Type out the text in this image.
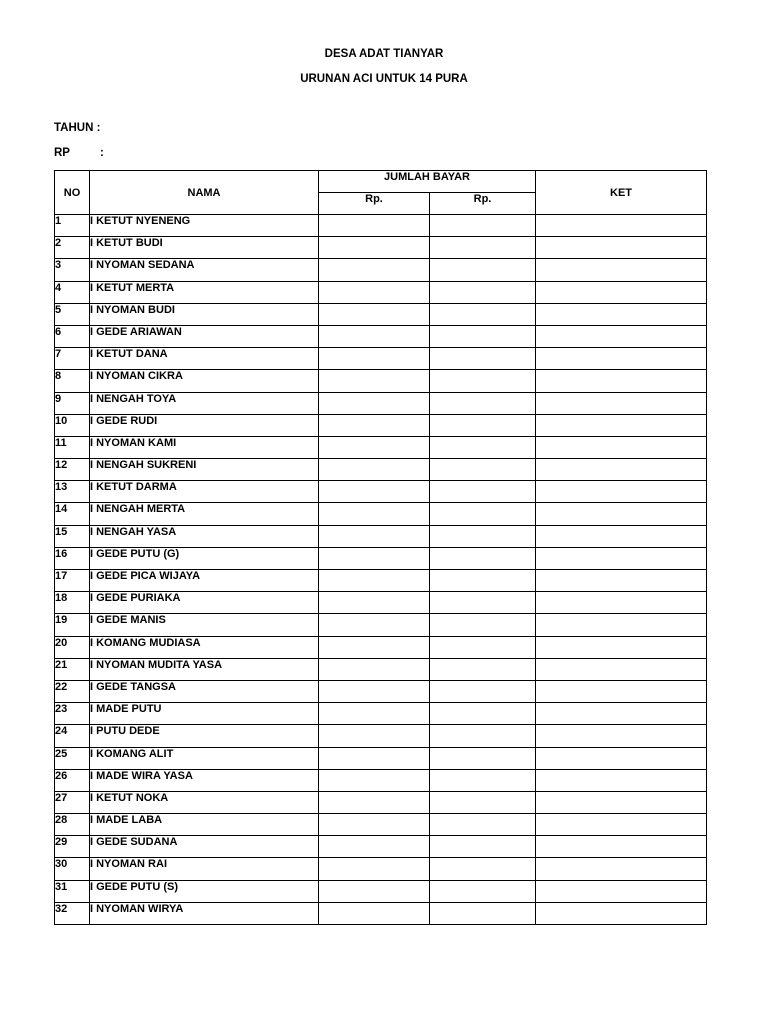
DESA ADAT TIANYAR
URUNAN ACI UNTUK 14 PURA
TAHUN :
RP	:
NO	NAMA	JUMLAH BAYAR		KET
		Rp.	Rp.	
1	I KETUT NYENENG			
2	I KETUT BUDI			
3	I NYOMAN SEDANA			
4	I KETUT MERTA			
5	I NYOMAN BUDI			
6	I GEDE ARIAWAN			
7	I KETUT DANA			
8	I NYOMAN CIKRA			
9	I NENGAH TOYA			
10	I GEDE RUDI			
11	I NYOMAN KAMI			
12	I NENGAH SUKRENI			
13	I KETUT DARMA			
14	I NENGAH MERTA			
15	I NENGAH YASA			
16	I GEDE PUTU (G)			
17	I GEDE PICA WIJAYA			
18	I GEDE PURIAKA			
19	I GEDE MANIS			
20	I KOMANG MUDIASA			
21	I NYOMAN MUDITA YASA			
22	I GEDE TANGSA			
23	I MADE PUTU			
24	I PUTU DEDE			
25	I KOMANG ALIT			
26	I MADE WIRA YASA			
27	I KETUT NOKA			
28	I MADE LABA			
29	I GEDE SUDANA			
30	I NYOMAN RAI			
31	I GEDE PUTU (S)			
32	I NYOMAN WIRYA			
